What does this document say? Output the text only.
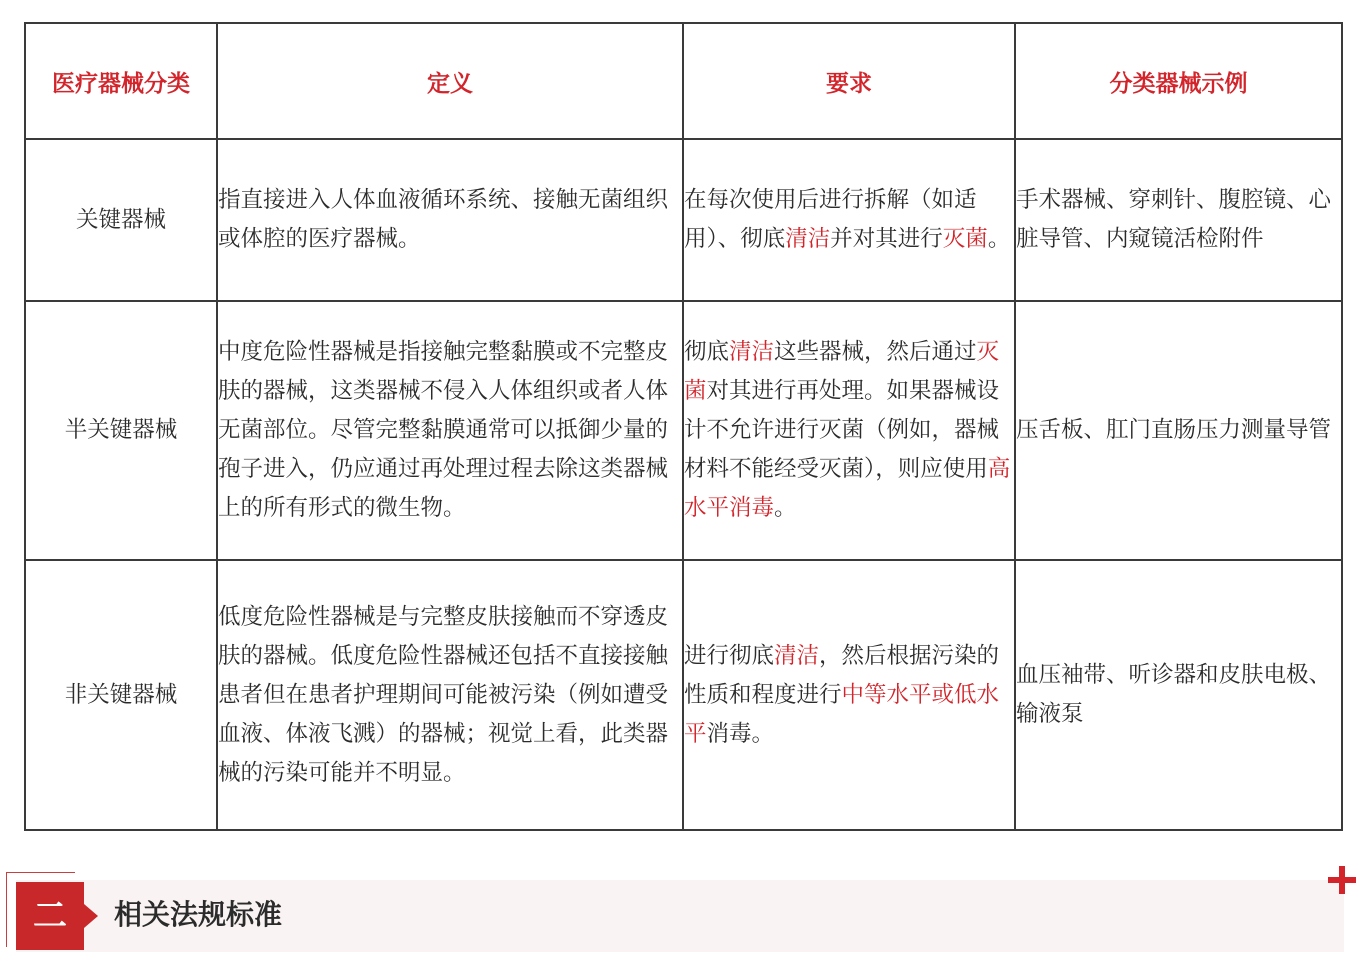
医疗器械分类	定义	要求	分类器械示例
关键器械	指直接进入人体血液循环系统、接触无菌组织或体腔的医疗器械。	在每次使用后进行拆解（如适用）、彻底清洁并对其进行灭菌。	手术器械、穿刺针、腹腔镜、心脏导管、内窥镜活检附件
半关键器械	中度危险性器械是指接触完整黏膜或不完整皮肤的器械，这类器械不侵入人体组织或者人体无菌部位。尽管完整黏膜通常可以抵御少量的孢子进入，仍应通过再处理过程去除这类器械上的所有形式的微生物。	彻底清洁这些器械，然后通过灭菌对其进行再处理。如果器械设计不允许进行灭菌（例如，器械材料不能经受灭菌），则应使用高水平消毒。	压舌板、肛门直肠压力测量导管
非关键器械	低度危险性器械是与完整皮肤接触而不穿透皮肤的器械。低度危险性器械还包括不直接接触患者但在患者护理期间可能被污染（例如遭受血液、体液飞溅）的器械；视觉上看，此类器械的污染可能并不明显。	进行彻底清洁，然后根据污染的性质和程度进行中等水平或低水平消毒。	血压袖带、听诊器和皮肤电极、输液泵
二	相关法规标准
